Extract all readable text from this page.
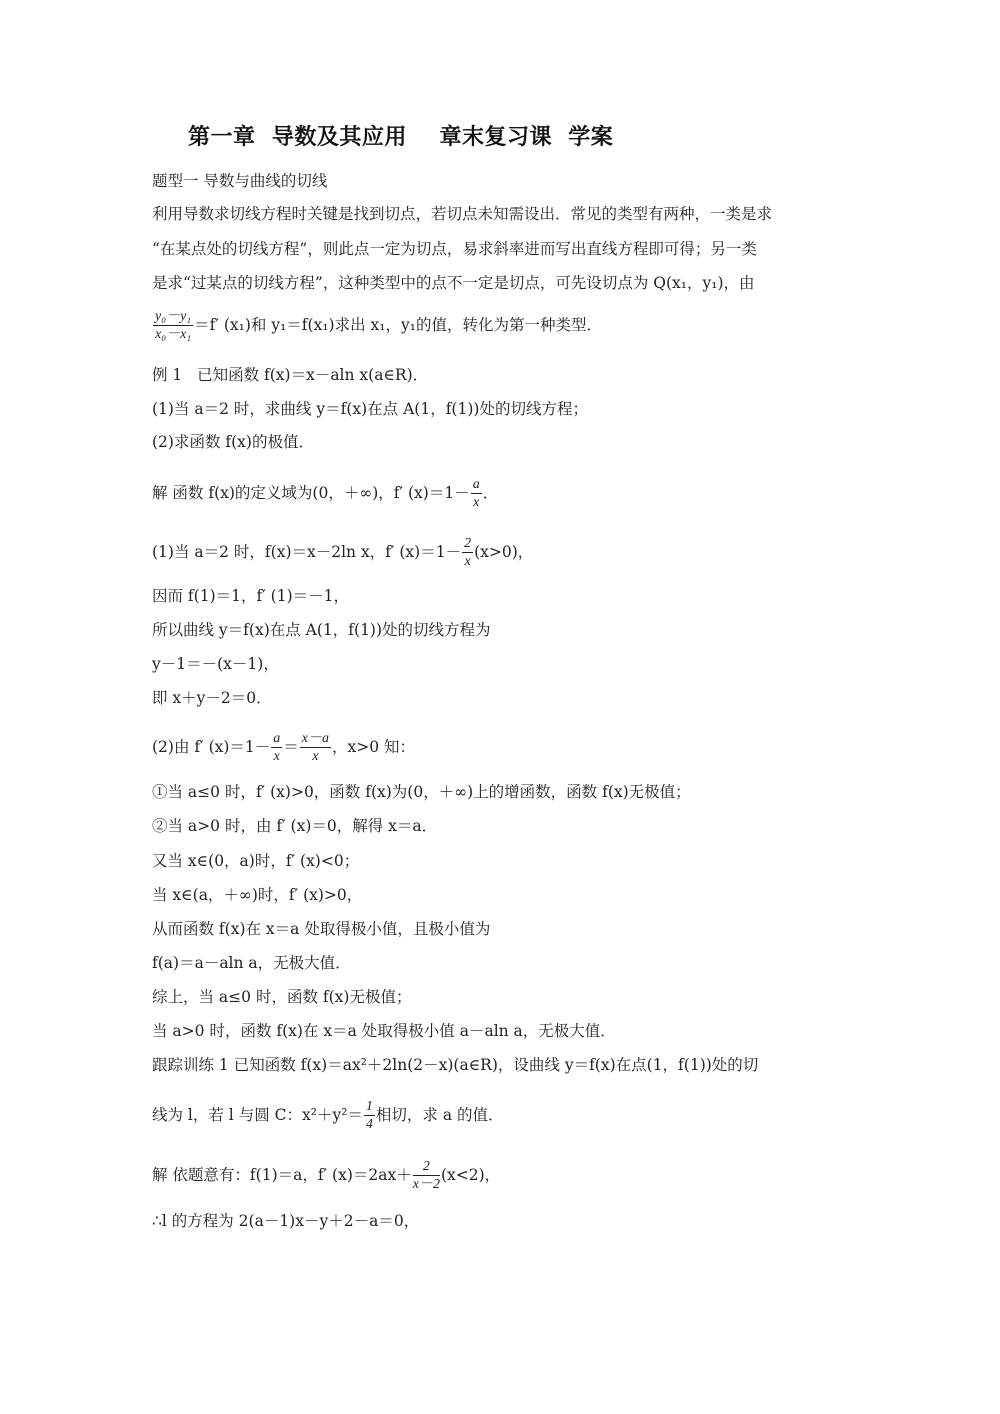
第一章  导数及其应用    章末复习课  学案
题型一 导数与曲线的切线
利用导数求切线方程时关键是找到切点，若切点未知需设出．常见的类型有两种，一类是求
“在某点处的切线方程”，则此点一定为切点，易求斜率进而写出直线方程即可得；另一类
是求“过某点的切线方程”，这种类型中的点不一定是切点，可先设切点为 Q(x₁，y₁)，由
$\frac{\text{y₀－y₁}}{\text{x₀－x₁}} =f'$ (x₁)和 y₁＝f(x₁)求出 x₁，y₁的值，转化为第一种类型．
例 1 已知函数 f(x)＝x－aln x(a∈R)．
(1)当 a＝2 时，求曲线 y＝f(x)在点 A(1，f(1))处的切线方程；
(2)求函数 f(x)的极值．
解 函数 f(x)的定义域为(0，＋∞)，f′ $(x)=1- \frac{a}{x}$ ．
(1)当 a＝2 时，f(x)＝x－2ln x，f′ $(x)=1- \frac{2}{x} (x>0)$，
因而 f(1)＝1，f′ (1)＝－1，
所以曲线 y＝f(x)在点 A(1，f(1))处的切线方程为
y－1＝－(x－1)，
即 x＋y－2＝0．
(2)由 f′ $(x)=1- \frac{a}{x} = \frac{x-a}{x}$ ，x>0 知：
①当 a≤0 时，f′ (x)>0，函数 f(x)为(0，＋∞)上的增函数，函数 f(x)无极值；
②当 a>0 时，由 f′ (x)＝0，解得 x＝a．
又当 x∈(0，a)时，f′ (x)<0；
当 x∈(a，＋∞)时，f′ (x)>0，
从而函数 f(x)在 x＝a 处取得极小值，且极小值为
f(a)＝a－aln a，无极大值．
综上，当 a≤0 时，函数 f(x)无极值；
当 a>0 时，函数 f(x)在 x＝a 处取得极小值 a－aln a，无极大值．
跟踪训练 1 已知函数 f(x)＝ax²＋2ln(2－x)(a∈R)，设曲线 y＝f(x)在点(1，f(1))处的切
线为 l，若 l 与圆 C：$x^2+y^2= \frac{1}{4}$ 相切，求 a 的值．
解 依题意有：f(1)＝a，f′ $(x)=2ax+ \frac{2}{x-2} (x<2)$，
∴l 的方程为 2(a－1)x－y＋2－a＝0，
